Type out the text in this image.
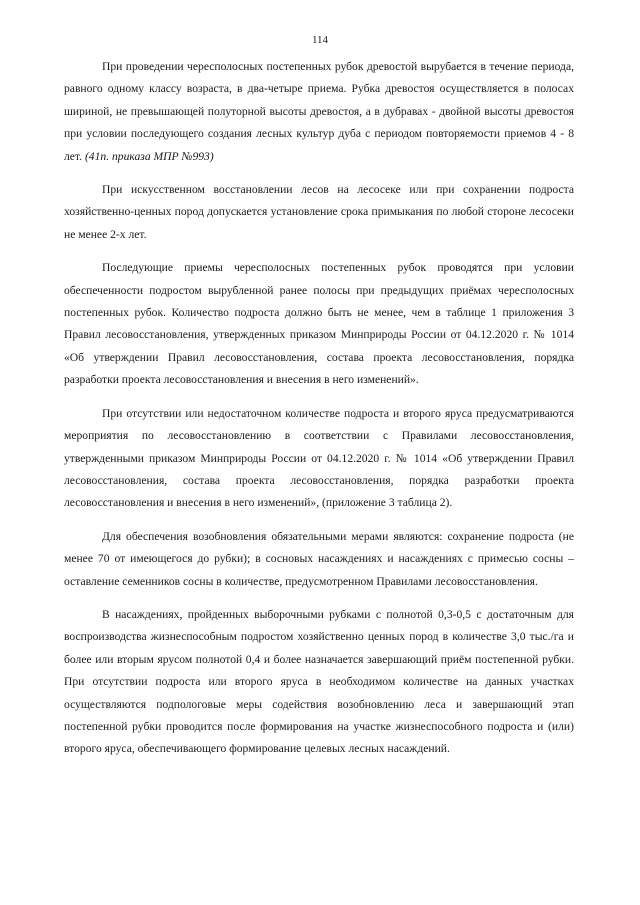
114

При проведении чересполосных постепенных рубок древостой вырубается в течение периода, равного одному классу возраста, в два-четыре приема. Рубка древостоя осуществляется в полосах шириной, не превышающей полуторной высоты древостоя, а в дубравах - двойной высоты древостоя при условии последующего создания лесных культур дуба с периодом повторяемости приемов 4 - 8 лет. (41п. приказа МПР №993)

При искусственном восстановлении лесов на лесосеке или при сохранении подроста хозяйственно-ценных пород допускается установление срока примыкания по любой стороне лесосеки не менее 2-х лет.

Последующие приемы чересполосных постепенных рубок проводятся при условии обеспеченности подростом вырубленной ранее полосы при предыдущих приёмах чересполосных постепенных рубок. Количество подроста должно быть не менее, чем в таблице 1 приложения 3 Правил лесовосстановления, утвержденных приказом Минприроды России от 04.12.2020 г. № 1014 «Об утверждении Правил лесовосстановления, состава проекта лесовосстановления, порядка разработки проекта лесовосстановления и внесения в него изменений».

При отсутствии или недостаточном количестве подроста и второго яруса предусматриваются мероприятия по лесовосстановлению в соответствии с Правилами лесовосстановления, утвержденными приказом Минприроды России от 04.12.2020 г. № 1014 «Об утверждении Правил лесовосстановления, состава проекта лесовосстановления, порядка разработки проекта лесовосстановления и внесения в него изменений», (приложение 3 таблица 2).

Для обеспечения возобновления обязательными мерами являются: сохранение подроста (не менее 70 от имеющегося до рубки); в сосновых насаждениях и насаждениях с примесью сосны – оставление семенников сосны в количестве, предусмотренном Правилами лесовосстановления.

В насаждениях, пройденных выборочными рубками с полнотой 0,3-0,5 с достаточным для воспроизводства жизнеспособным подростом хозяйственно ценных пород в количестве 3,0 тыс./га и более или вторым ярусом полнотой 0,4 и более назначается завершающий приём постепенной рубки. При отсутствии подроста или второго яруса в необходимом количестве на данных участках осуществляются подпологовые меры содействия возобновлению леса и завершающий этап постепенной рубки проводится после формирования на участке жизнеспособного подроста и (или) второго яруса, обеспечивающего формирование целевых лесных насаждений.
